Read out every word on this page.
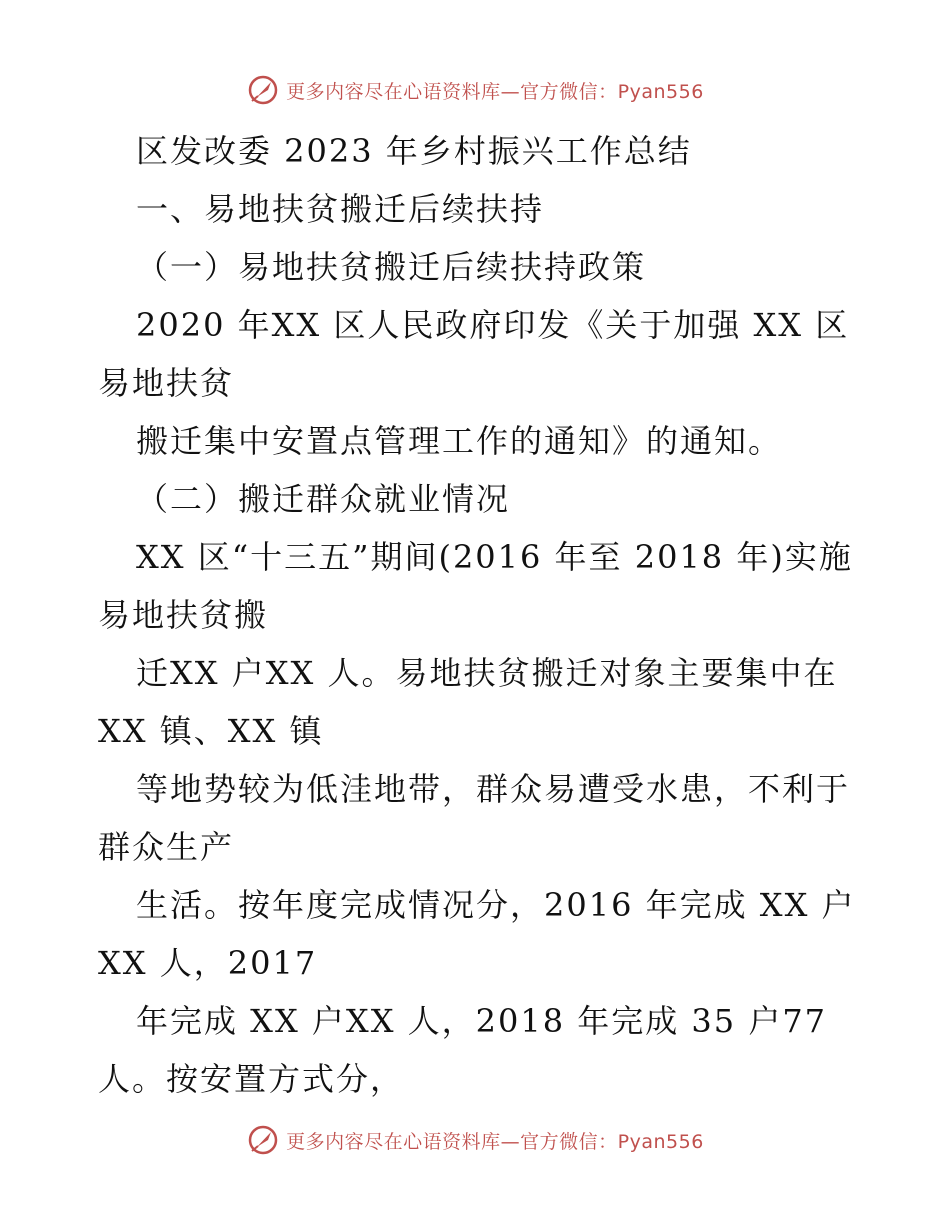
更多内容尽在心语资料库—官方微信：Pyan556
区发改委 2023 年乡村振兴工作总结
一、易地扶贫搬迁后续扶持
（一）易地扶贫搬迁后续扶持政策
2020 年XX 区人民政府印发《关于加强 XX 区
易地扶贫
搬迁集中安置点管理工作的通知》的通知。
（二）搬迁群众就业情况
XX 区“十三五”期间(2016 年至 2018 年)实施
易地扶贫搬
迁XX 户XX 人。易地扶贫搬迁对象主要集中在
XX 镇、XX 镇
等地势较为低洼地带，群众易遭受水患，不利于
群众生产
生活。按年度完成情况分，2016 年完成 XX 户
XX 人，2017
年完成 XX 户XX 人，2018 年完成 35 户77
人。按安置方式分，
更多内容尽在心语资料库—官方微信：Pyan556
